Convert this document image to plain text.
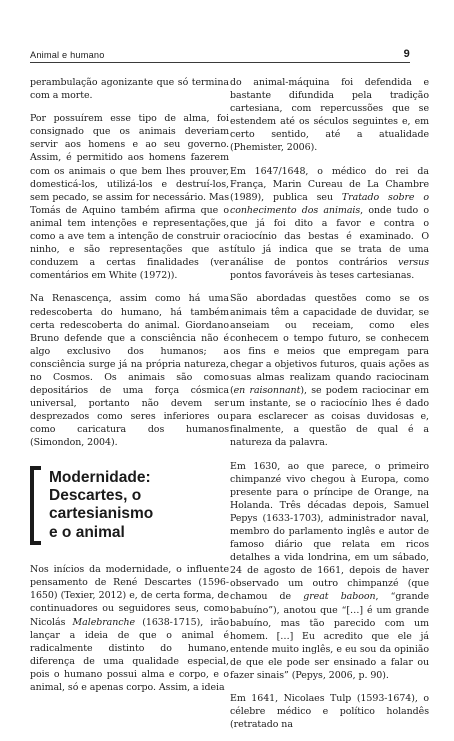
Animal e humano	9

perambulação agonizante que só termina com a morte.

Por possuírem esse tipo de alma, foi consignado que os animais deveriam servir aos homens e ao seu governo. Assim, é permitido aos homens fazerem com os animais o que bem lhes prouver, domesticá-los, utilizá-los e destruí-los, sem pecado, se assim for necessário. Mas Tomás de Aquino também afirma que o animal tem intenções e representações, como a ave tem a intenção de construir o ninho, e são representações que as conduzem a certas finalidades (ver comentários em White (1972)).

Na Renascença, assim como há uma redescoberta do humano, há também certa redescoberta do animal. Giordano Bruno defende que a consciência não é algo exclusivo dos humanos; a consciência surge já na própria natureza, no Cosmos. Os animais são como depositários de uma força cósmica universal, portanto não devem ser desprezados como seres inferiores ou como caricatura dos humanos (Simondon, 2004).

Modernidade:
Descartes, o
cartesianismo
e o animal

Nos inícios da modernidade, o influente pensamento de René Descartes (1596-1650) (Texier, 2012) e, de certa forma, de continuadores ou seguidores seus, como Nicolás Malebranche (1638-1715), irão lançar a ideia de que o animal é radicalmente distinto do humano, diferença de uma qualidade especial, pois o humano possui alma e corpo, e o animal, só e apenas corpo. Assim, a ideia

do animal-máquina foi defendida e bastante difundida pela tradição cartesiana, com repercussões que se estendem até os séculos seguintes e, em certo sentido, até a atualidade (Phemister, 2006).

Em 1647/1648, o médico do rei da França, Marin Cureau de La Chambre (1989), publica seu Tratado sobre o conhecimento dos animais, onde tudo o que já foi dito a favor e contra o raciocínio das bestas é examinado. O título já indica que se trata de uma análise de pontos contrários versus pontos favoráveis às teses cartesianas.

São abordadas questões como se os animais têm a capacidade de duvidar, se anseiam ou receiam, como eles conhecem o tempo futuro, se conhecem os fins e meios que empregam para chegar a objetivos futuros, quais ações as suas almas realizam quando raciocinam (en raisonnant), se podem raciocinar em um instante, se o raciocínio lhes é dado para esclarecer as coisas duvidosas e, finalmente, a questão de qual é a natureza da palavra.

Em 1630, ao que parece, o primeiro chimpanzé vivo chegou à Europa, como presente para o príncipe de Orange, na Holanda. Três décadas depois, Samuel Pepys (1633-1703), administrador naval, membro do parlamento inglês e autor de famoso diário que relata em ricos detalhes a vida londrina, em um sábado, 24 de agosto de 1661, depois de haver observado um outro chimpanzé (que chamou de great baboon, “grande babuíno”), anotou que “[…] é um grande babuíno, mas tão parecido com um homem. […] Eu acredito que ele já entende muito inglês, e eu sou da opinião de que ele pode ser ensinado a falar ou fazer sinais” (Pepys, 2006, p. 90).

Em 1641, Nicolaes Tulp (1593-1674), o célebre médico e político holandês (retratado na
